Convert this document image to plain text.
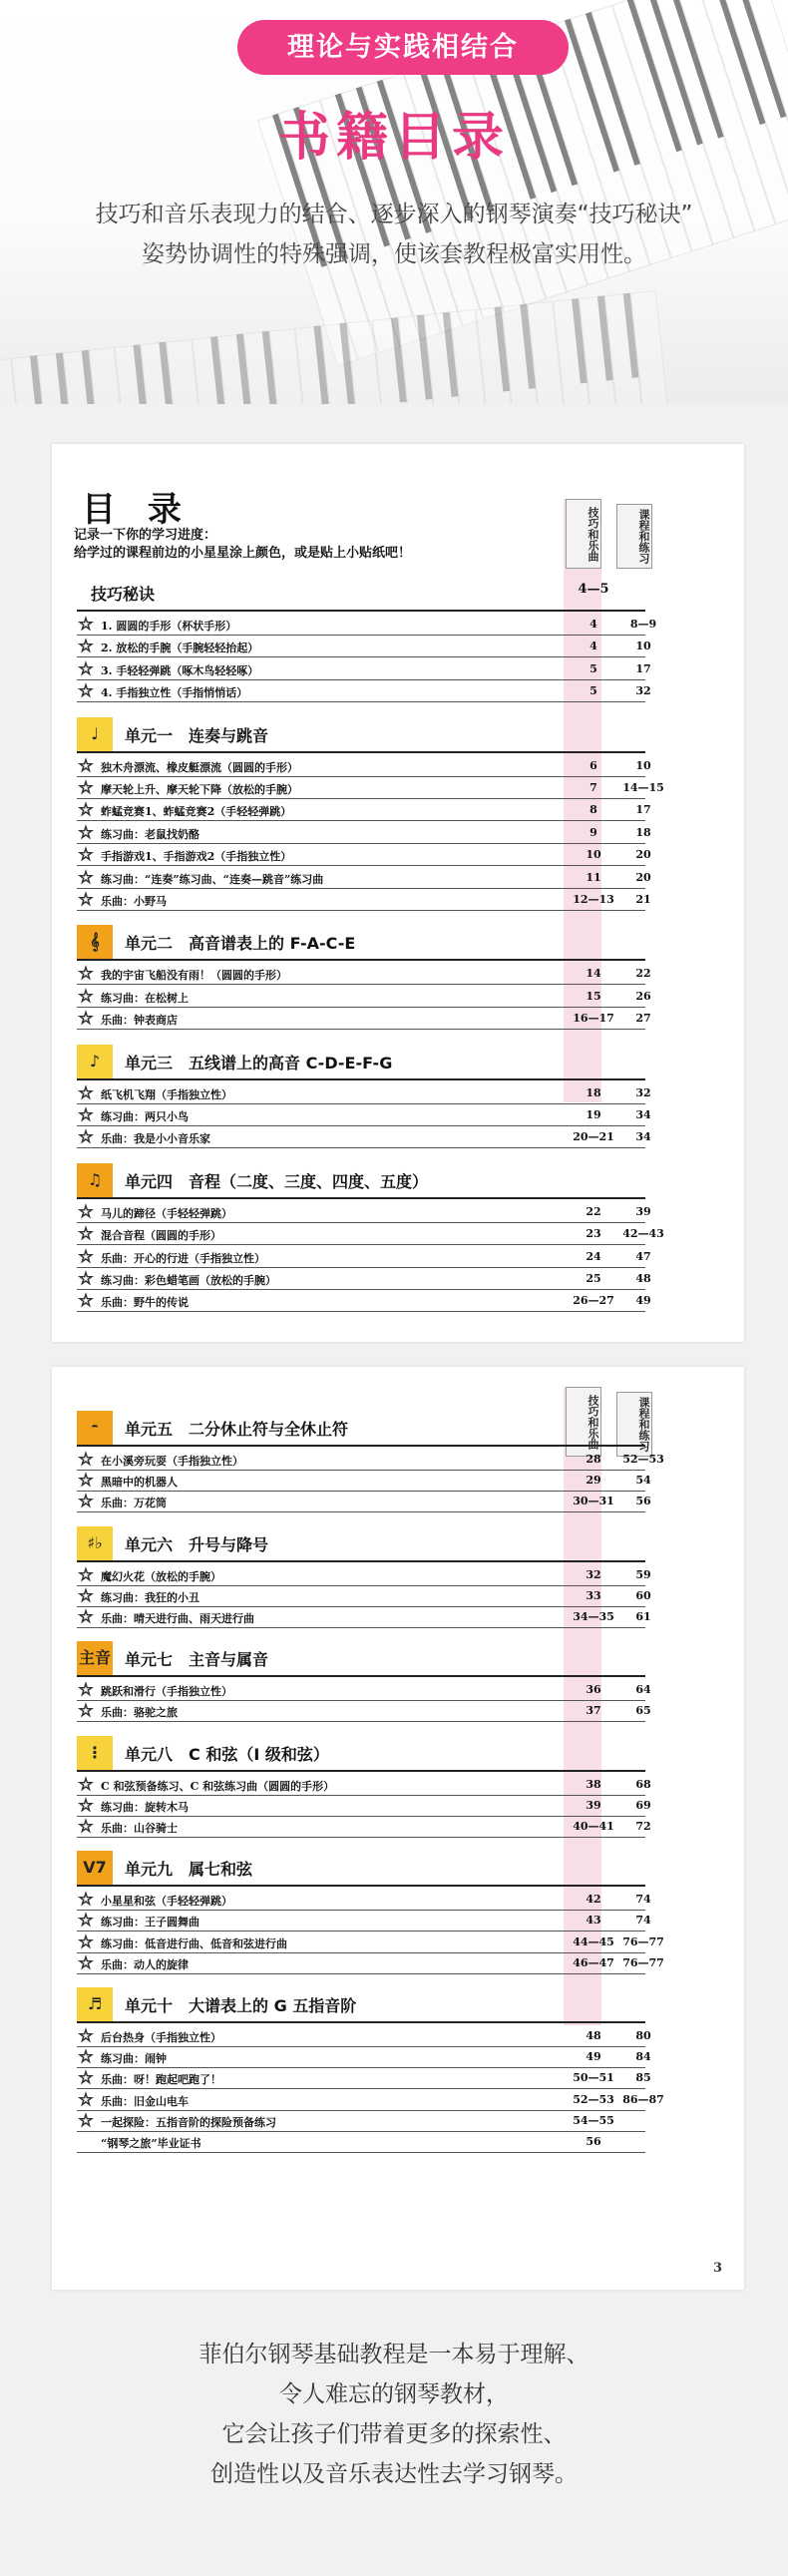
理论与实践相结合
书籍目录
技巧和音乐表现力的结合、逐步深入的钢琴演奏“技巧秘诀”
姿势协调性的特殊强调，使该套教程极富实用性。
目 录
记录一下你的学习进度：
给学过的课程前边的小星星涂上颜色，或是贴上小贴纸吧！	技巧和乐曲	课程和练习
技巧秘诀	4—5
☆ 1. 圆圆的手形（杯状手形）	4	8—9
☆ 2. 放松的手腕（手腕轻轻抬起）	4	10
☆ 3. 手轻轻弹跳（啄木鸟轻轻啄）	5	17
☆ 4. 手指独立性（手指悄悄话）	5	32
♩	单元一　连奏与跳音
☆ 独木舟漂流、橡皮艇漂流（圆圆的手形）	6	10
☆ 摩天轮上升、摩天轮下降（放松的手腕）	7	14—15
☆ 蚱蜢竞赛1、蚱蜢竞赛2（手轻轻弹跳）	8	17
☆ 练习曲：老鼠找奶酪	9	18
☆ 手指游戏1、手指游戏2（手指独立性）	10	20
☆ 练习曲：“连奏”练习曲、“连奏—跳音”练习曲	11	20
☆ 乐曲：小野马	12—13	21
𝄞	单元二　高音谱表上的 F-A-C-E
☆ 我的宇宙飞船没有雨！（圆圆的手形）	14	22
☆ 练习曲：在松树上	15	26
☆ 乐曲：钟表商店	16—17	27
♪	单元三　五线谱上的高音 C-D-E-F-G
☆ 纸飞机飞翔（手指独立性）	18	32
☆ 练习曲：两只小鸟	19	34
☆ 乐曲：我是小小音乐家	20—21	34
♫	单元四　音程（二度、三度、四度、五度）
☆ 马儿的蹄径（手轻轻弹跳）	22	39
☆ 混合音程（圆圆的手形）	23	42—43
☆ 乐曲：开心的行进（手指独立性）	24	47
☆ 练习曲：彩色蜡笔画（放松的手腕）	25	48
☆ 乐曲：野牛的传说	26—27	49
技巧和乐曲	课程和练习
3
𝄼	单元五　二分休止符与全休止符
☆ 在小溪旁玩耍（手指独立性）	28	52—53
☆ 黑暗中的机器人	29	54
☆ 乐曲：万花筒	30—31	56
♯♭	单元六　升号与降号
☆ 魔幻火花（放松的手腕）	32	59
☆ 练习曲：我狂的小丑	33	60
☆ 乐曲：晴天进行曲、雨天进行曲	34—35	61
主音 单元七　主音与属音
☆ 跳跃和滑行（手指独立性）	36	64
☆ 乐曲：骆驼之旅	37	65
⋮	单元八　C 和弦（I 级和弦）
☆ C 和弦预备练习、C 和弦练习曲（圆圆的手形）	38	68
☆ 练习曲：旋转木马	39	69
☆ 乐曲：山谷骑士	40—41	72
V7	单元九　属七和弦
☆ 小星星和弦（手轻轻弹跳）	42	74
☆ 练习曲：王子圆舞曲	43	74
☆ 练习曲：低音进行曲、低音和弦进行曲	44—45 76—77
☆ 乐曲：动人的旋律	46—47 76—77
♬	单元十　大谱表上的 G 五指音阶
☆ 后台热身（手指独立性）	48	80
☆ 练习曲：闹钟	49	84
☆ 乐曲：呀！跑起吧跑了！	50—51	85
☆ 乐曲：旧金山电车	52—53 86—87
☆ 一起探险：五指音阶的探险预备练习	54—55
“钢琴之旅”毕业证书	56
菲伯尔钢琴基础教程是一本易于理解、
令人难忘的钢琴教材，
它会让孩子们带着更多的探索性、
创造性以及音乐表达性去学习钢琴。
